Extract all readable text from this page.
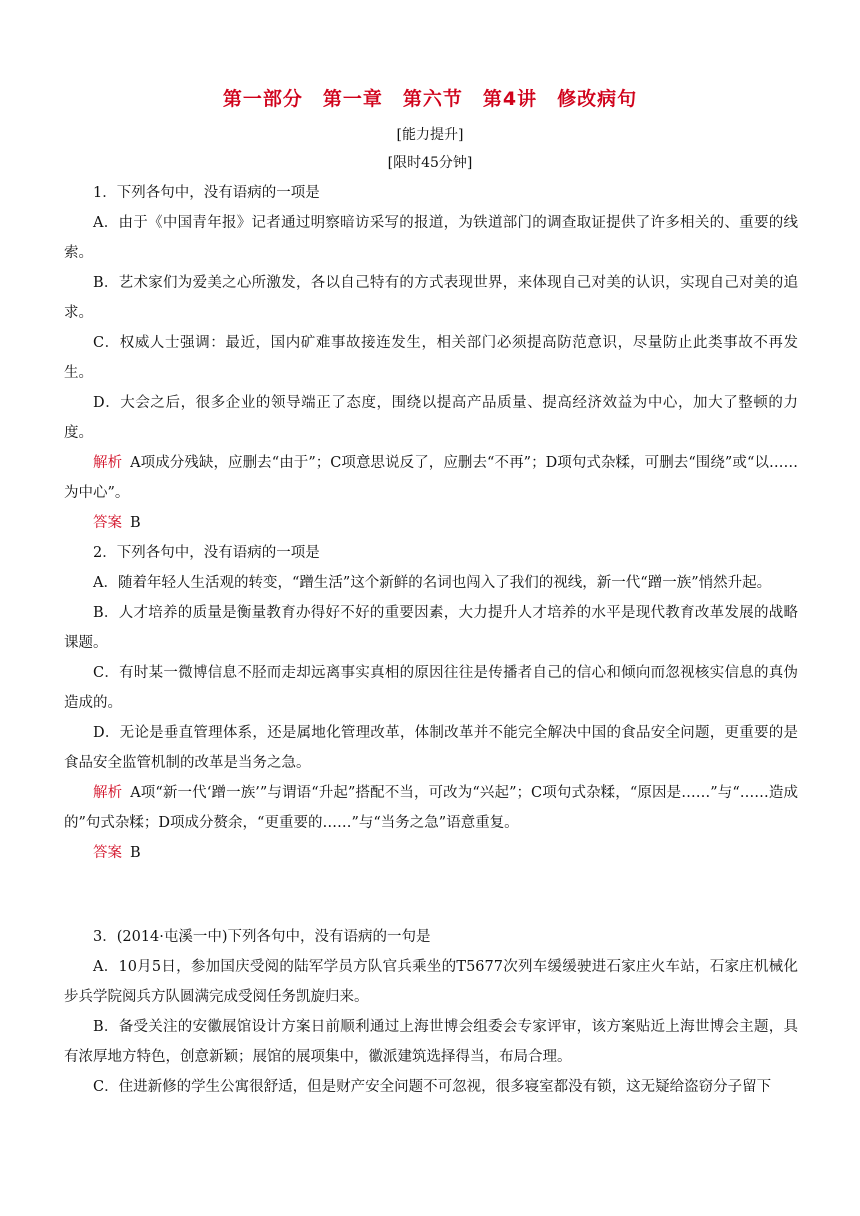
第一部分　第一章　第六节　第4讲　修改病句
[能力提升]
[限时45分钟]

1．下列各句中，没有语病的一项是

A．由于《中国青年报》记者通过明察暗访采写的报道，为铁道部门的调查取证提供了许多相关的、重要的线索。

B．艺术家们为爱美之心所激发，各以自己特有的方式表现世界，来体现自己对美的认识，实现自己对美的追求。

C．权威人士强调：最近，国内矿难事故接连发生，相关部门必须提高防范意识，尽量防止此类事故不再发生。

D．大会之后，很多企业的领导端正了态度，围绕以提高产品质量、提高经济效益为中心，加大了整顿的力度。

解析 A项成分残缺，应删去“由于”；C项意思说反了，应删去“不再”；D项句式杂糅，可删去“围绕”或“以……为中心”。

答案 B

2．下列各句中，没有语病的一项是

A．随着年轻人生活观的转变，“蹭生活”这个新鲜的名词也闯入了我们的视线，新一代“蹭一族”悄然升起。

B．人才培养的质量是衡量教育办得好不好的重要因素，大力提升人才培养的水平是现代教育改革发展的战略课题。

C．有时某一微博信息不胫而走却远离事实真相的原因往往是传播者自己的信心和倾向而忽视核实信息的真伪造成的。

D．无论是垂直管理体系，还是属地化管理改革，体制改革并不能完全解决中国的食品安全问题，更重要的是食品安全监管机制的改革是当务之急。

解析 A项“新一代‘蹭一族’”与谓语“升起”搭配不当，可改为“兴起”；C项句式杂糅，“原因是……”与“……造成的”句式杂糅；D项成分赘余，“更重要的……”与“当务之急”语意重复。

答案 B

3．(2014·屯溪一中)下列各句中，没有语病的一句是

A．10月5日，参加国庆受阅的陆军学员方队官兵乘坐的T5677次列车缓缓驶进石家庄火车站，石家庄机械化步兵学院阅兵方队圆满完成受阅任务凯旋归来。

B．备受关注的安徽展馆设计方案日前顺利通过上海世博会组委会专家评审，该方案贴近上海世博会主题，具有浓厚地方特色，创意新颖；展馆的展项集中，徽派建筑选择得当，布局合理。

C．住进新修的学生公寓很舒适，但是财产安全问题不可忽视，很多寝室都没有锁，这无疑给盗窃分子留下
